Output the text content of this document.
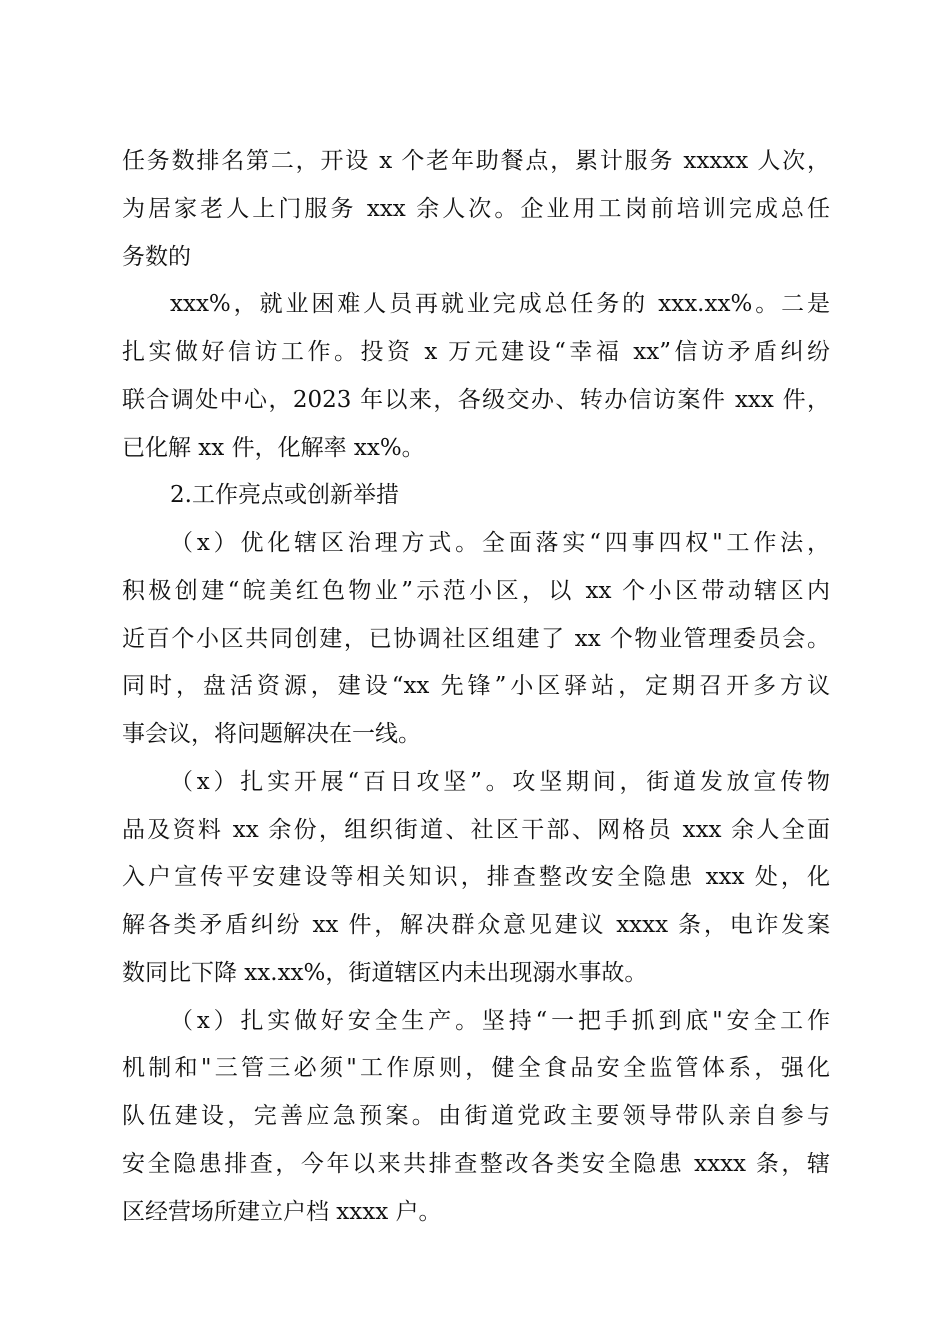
任务数排名第二，开设 x 个老年助餐点，累计服务 xxxxx 人次，
为居家老人上门服务 xxx 余人次。企业用工岗前培训完成总任
务数的
xxx%，就业困难人员再就业完成总任务的 xxx.xx%。二是
扎实做好信访工作。投资 x 万元建设“幸福 xx”信访矛盾纠纷
联合调处中心，2023 年以来，各级交办、转办信访案件 xxx 件，
已化解 xx 件，化解率 xx%。
2.工作亮点或创新举措
（x）优化辖区治理方式。全面落实“四事四权"工作法，
积极创建“皖美红色物业”示范小区，以 xx 个小区带动辖区内
近百个小区共同创建，已协调社区组建了 xx 个物业管理委员会。
同时，盘活资源，建设“xx 先锋”小区驿站，定期召开多方议
事会议，将问题解决在一线。
（x）扎实开展“百日攻坚”。攻坚期间，街道发放宣传物
品及资料 xx 余份，组织街道、社区干部、网格员 xxx 余人全面
入户宣传平安建设等相关知识，排查整改安全隐患 xxx 处，化
解各类矛盾纠纷 xx 件，解决群众意见建议 xxxx 条，电诈发案
数同比下降 xx.xx%，街道辖区内未出现溺水事故。
（x）扎实做好安全生产。坚持“一把手抓到底"安全工作
机制和"三管三必须"工作原则，健全食品安全监管体系，强化
队伍建设，完善应急预案。由街道党政主要领导带队亲自参与
安全隐患排查，今年以来共排查整改各类安全隐患 xxxx 条，辖
区经营场所建立户档 xxxx 户。
